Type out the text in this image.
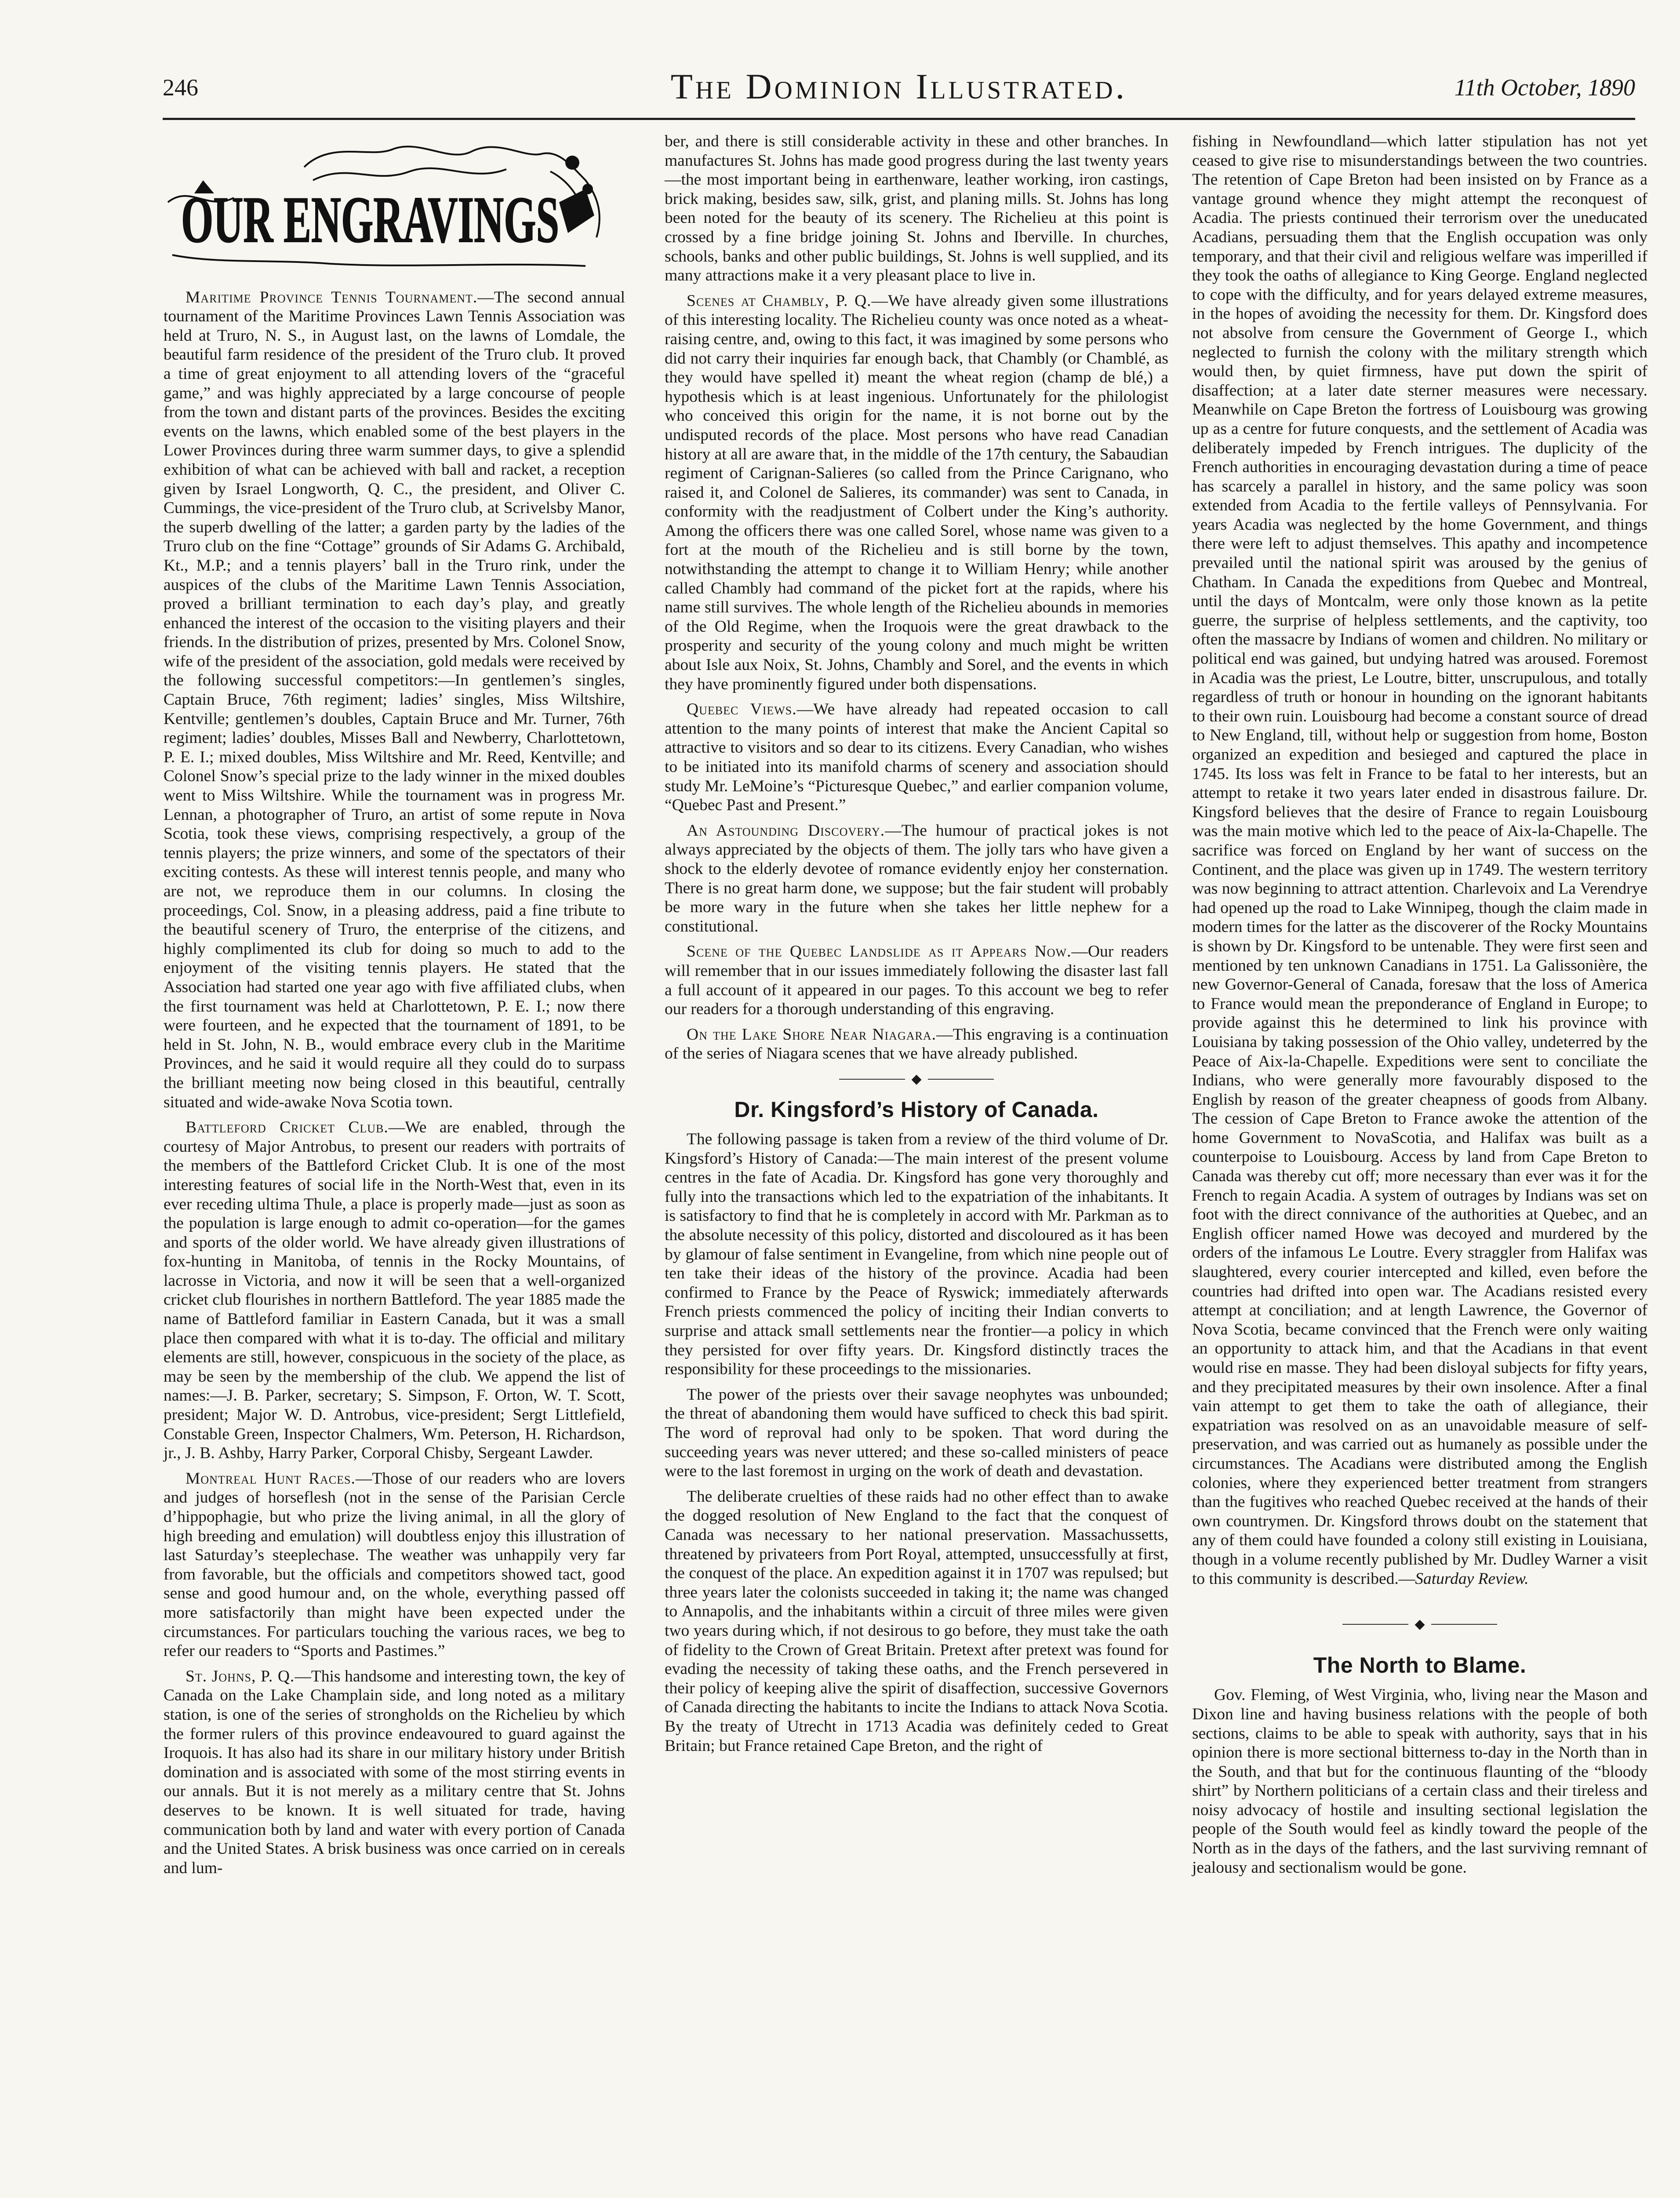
246	The Dominion Illustrated.	11th October, 1890
OUR ENGRAVINGS

Maritime Province Tennis Tournament.—The second annual tournament of the Maritime Provinces Lawn Tennis Association was held at Truro, N. S., in August last, on the lawns of Lomdale, the beautiful farm residence of the president of the Truro club. It proved a time of great enjoyment to all attending lovers of the “graceful game,” and was highly appreciated by a large concourse of people from the town and distant parts of the provinces. Besides the exciting events on the lawns, which enabled some of the best players in the Lower Provinces during three warm summer days, to give a splendid exhibition of what can be achieved with ball and racket, a reception given by Israel Longworth, Q. C., the president, and Oliver C. Cummings, the vice-president of the Truro club, at Scrivelsby Manor, the superb dwelling of the latter; a garden party by the ladies of the Truro club on the fine “Cottage” grounds of Sir Adams G. Archibald, Kt., M.P.; and a tennis players’ ball in the Truro rink, under the auspices of the clubs of the Maritime Lawn Tennis Association, proved a brilliant termination to each day’s play, and greatly enhanced the interest of the occasion to the visiting players and their friends. In the distribution of prizes, presented by Mrs. Colonel Snow, wife of the president of the association, gold medals were received by the following successful competitors:—In gentlemen’s singles, Captain Bruce, 76th regiment; ladies’ singles, Miss Wiltshire, Kentville; gentlemen’s doubles, Captain Bruce and Mr. Turner, 76th regiment; ladies’ doubles, Misses Ball and Newberry, Charlottetown, P. E. I.; mixed doubles, Miss Wiltshire and Mr. Reed, Kentville; and Colonel Snow’s special prize to the lady winner in the mixed doubles went to Miss Wiltshire. While the tournament was in progress Mr. Lennan, a photographer of Truro, an artist of some repute in Nova Scotia, took these views, comprising respectively, a group of the tennis players; the prize winners, and some of the spectators of their exciting contests. As these will interest tennis people, and many who are not, we reproduce them in our columns. In closing the proceedings, Col. Snow, in a pleasing address, paid a fine tribute to the beautiful scenery of Truro, the enterprise of the citizens, and highly complimented its club for doing so much to add to the enjoyment of the visiting tennis players. He stated that the Association had started one year ago with five affiliated clubs, when the first tournament was held at Charlottetown, P. E. I.; now there were fourteen, and he expected that the tournament of 1891, to be held in St. John, N. B., would embrace every club in the Maritime Provinces, and he said it would require all they could do to surpass the brilliant meeting now being closed in this beautiful, centrally situated and wide-awake Nova Scotia town.

Battleford Cricket Club.—We are enabled, through the courtesy of Major Antrobus, to present our readers with portraits of the members of the Battleford Cricket Club. It is one of the most interesting features of social life in the North-West that, even in its ever receding ultima Thule, a place is properly made—just as soon as the population is large enough to admit co-operation—for the games and sports of the older world. We have already given illustrations of fox-hunting in Manitoba, of tennis in the Rocky Mountains, of lacrosse in Victoria, and now it will be seen that a well-organized cricket club flourishes in northern Battleford. The year 1885 made the name of Battleford familiar in Eastern Canada, but it was a small place then compared with what it is to-day. The official and military elements are still, however, conspicuous in the society of the place, as may be seen by the membership of the club. We append the list of names:—J. B. Parker, secretary; S. Simpson, F. Orton, W. T. Scott, president; Major W. D. Antrobus, vice-president; Sergt Littlefield, Constable Green, Inspector Chalmers, Wm. Peterson, H. Richardson, jr., J. B. Ashby, Harry Parker, Corporal Chisby, Sergeant Lawder.

Montreal Hunt Races.—Those of our readers who are lovers and judges of horseflesh (not in the sense of the Parisian Cercle d’hippophagie, but who prize the living animal, in all the glory of high breeding and emulation) will doubtless enjoy this illustration of last Saturday’s steeplechase. The weather was unhappily very far from favorable, but the officials and competitors showed tact, good sense and good humour and, on the whole, everything passed off more satisfactorily than might have been expected under the circumstances. For particulars touching the various races, we beg to refer our readers to “Sports and Pastimes.”

St. Johns, P. Q.—This handsome and interesting town, the key of Canada on the Lake Champlain side, and long noted as a military station, is one of the series of strongholds on the Richelieu by which the former rulers of this province endeavoured to guard against the Iroquois. It has also had its share in our military history under British domination and is associated with some of the most stirring events in our annals. But it is not merely as a military centre that St. Johns deserves to be known. It is well situated for trade, having communication both by land and water with every portion of Canada and the United States. A brisk business was once carried on in cereals and lum-

ber, and there is still considerable activity in these and other branches. In manufactures St. Johns has made good progress during the last twenty years—the most important being in earthenware, leather working, iron castings, brick making, besides saw, silk, grist, and planing mills. St. Johns has long been noted for the beauty of its scenery. The Richelieu at this point is crossed by a fine bridge joining St. Johns and Iberville. In churches, schools, banks and other public buildings, St. Johns is well supplied, and its many attractions make it a very pleasant place to live in.

Scenes at Chambly, P. Q.—We have already given some illustrations of this interesting locality. The Richelieu county was once noted as a wheat-raising centre, and, owing to this fact, it was imagined by some persons who did not carry their inquiries far enough back, that Chambly (or Chamblé, as they would have spelled it) meant the wheat region (champ de blé,) a hypothesis which is at least ingenious. Unfortunately for the philologist who conceived this origin for the name, it is not borne out by the undisputed records of the place. Most persons who have read Canadian history at all are aware that, in the middle of the 17th century, the Sabaudian regiment of Carignan-Salieres (so called from the Prince Carignano, who raised it, and Colonel de Salieres, its commander) was sent to Canada, in conformity with the readjustment of Colbert under the King’s authority. Among the officers there was one called Sorel, whose name was given to a fort at the mouth of the Richelieu and is still borne by the town, notwithstanding the attempt to change it to William Henry; while another called Chambly had command of the picket fort at the rapids, where his name still survives. The whole length of the Richelieu abounds in memories of the Old Regime, when the Iroquois were the great drawback to the prosperity and security of the young colony and much might be written about Isle aux Noix, St. Johns, Chambly and Sorel, and the events in which they have prominently figured under both dispensations.

Quebec Views.—We have already had repeated occasion to call attention to the many points of interest that make the Ancient Capital so attractive to visitors and so dear to its citizens. Every Canadian, who wishes to be initiated into its manifold charms of scenery and association should study Mr. LeMoine’s “Picturesque Quebec,” and earlier companion volume, “Quebec Past and Present.”

An Astounding Discovery.—The humour of practical jokes is not always appreciated by the objects of them. The jolly tars who have given a shock to the elderly devotee of romance evidently enjoy her consternation. There is no great harm done, we suppose; but the fair student will probably be more wary in the future when she takes her little nephew for a constitutional.

Scene of the Quebec Landslide as it Appears Now.—Our readers will remember that in our issues immediately following the disaster last fall a full account of it appeared in our pages. To this account we beg to refer our readers for a thorough understanding of this engraving.

On the Lake Shore Near Niagara.—This engraving is a continuation of the series of Niagara scenes that we have already published.

◆
Dr. Kingsford’s History of Canada.

The following passage is taken from a review of the third volume of Dr. Kingsford’s History of Canada:—The main interest of the present volume centres in the fate of Acadia. Dr. Kingsford has gone very thoroughly and fully into the transactions which led to the expatriation of the inhabitants. It is satisfactory to find that he is completely in accord with Mr. Parkman as to the absolute necessity of this policy, distorted and discoloured as it has been by glamour of false sentiment in Evangeline, from which nine people out of ten take their ideas of the history of the province. Acadia had been confirmed to France by the Peace of Ryswick; immediately afterwards French priests commenced the policy of inciting their Indian converts to surprise and attack small settlements near the frontier—a policy in which they persisted for over fifty years. Dr. Kingsford distinctly traces the responsibility for these proceedings to the missionaries.

The power of the priests over their savage neophytes was unbounded; the threat of abandoning them would have sufficed to check this bad spirit. The word of reproval had only to be spoken. That word during the succeeding years was never uttered; and these so-called ministers of peace were to the last foremost in urging on the work of death and devastation.

The deliberate cruelties of these raids had no other effect than to awake the dogged resolution of New England to the fact that the conquest of Canada was necessary to her national preservation. Massachussetts, threatened by privateers from Port Royal, attempted, unsuccessfully at first, the conquest of the place. An expedition against it in 1707 was repulsed; but three years later the colonists succeeded in taking it; the name was changed to Annapolis, and the inhabitants within a circuit of three miles were given two years during which, if not desirous to go before, they must take the oath of fidelity to the Crown of Great Britain. Pretext after pretext was found for evading the necessity of taking these oaths, and the French persevered in their policy of keeping alive the spirit of disaffection, successive Governors of Canada directing the habitants to incite the Indians to attack Nova Scotia. By the treaty of Utrecht in 1713 Acadia was definitely ceded to Great Britain; but France retained Cape Breton, and the right of

fishing in Newfoundland—which latter stipulation has not yet ceased to give rise to misunderstandings between the two countries. The retention of Cape Breton had been insisted on by France as a vantage ground whence they might attempt the reconquest of Acadia. The priests continued their terrorism over the uneducated Acadians, persuading them that the English occupation was only temporary, and that their civil and religious welfare was imperilled if they took the oaths of allegiance to King George. England neglected to cope with the difficulty, and for years delayed extreme measures, in the hopes of avoiding the necessity for them. Dr. Kingsford does not absolve from censure the Government of George I., which neglected to furnish the colony with the military strength which would then, by quiet firmness, have put down the spirit of disaffection; at a later date sterner measures were necessary. Meanwhile on Cape Breton the fortress of Louisbourg was growing up as a centre for future conquests, and the settlement of Acadia was deliberately impeded by French intrigues. The duplicity of the French authorities in encouraging devastation during a time of peace has scarcely a parallel in history, and the same policy was soon extended from Acadia to the fertile valleys of Pennsylvania. For years Acadia was neglected by the home Government, and things there were left to adjust themselves. This apathy and incompetence prevailed until the national spirit was aroused by the genius of Chatham. In Canada the expeditions from Quebec and Montreal, until the days of Montcalm, were only those known as la petite guerre, the surprise of helpless settlements, and the captivity, too often the massacre by Indians of women and children. No military or political end was gained, but undying hatred was aroused. Foremost in Acadia was the priest, Le Loutre, bitter, unscrupulous, and totally regardless of truth or honour in hounding on the ignorant habitants to their own ruin. Louisbourg had become a constant source of dread to New England, till, without help or suggestion from home, Boston organized an expedition and besieged and captured the place in 1745. Its loss was felt in France to be fatal to her interests, but an attempt to retake it two years later ended in disastrous failure. Dr. Kingsford believes that the desire of France to regain Louisbourg was the main motive which led to the peace of Aix-la-Chapelle. The sacrifice was forced on England by her want of success on the Continent, and the place was given up in 1749. The western territory was now beginning to attract attention. Charlevoix and La Verendrye had opened up the road to Lake Winnipeg, though the claim made in modern times for the latter as the discoverer of the Rocky Mountains is shown by Dr. Kingsford to be untenable. They were first seen and mentioned by ten unknown Canadians in 1751. La Galissonière, the new Governor-General of Canada, foresaw that the loss of America to France would mean the preponderance of England in Europe; to provide against this he determined to link his province with Louisiana by taking possession of the Ohio valley, undeterred by the Peace of Aix-la-Chapelle. Expeditions were sent to conciliate the Indians, who were generally more favourably disposed to the English by reason of the greater cheapness of goods from Albany. The cession of Cape Breton to France awoke the attention of the home Government to NovaScotia, and Halifax was built as a counterpoise to Louisbourg. Access by land from Cape Breton to Canada was thereby cut off; more necessary than ever was it for the French to regain Acadia. A system of outrages by Indians was set on foot with the direct connivance of the authorities at Quebec, and an English officer named Howe was decoyed and murdered by the orders of the infamous Le Loutre. Every straggler from Halifax was slaughtered, every courier intercepted and killed, even before the countries had drifted into open war. The Acadians resisted every attempt at conciliation; and at length Lawrence, the Governor of Nova Scotia, became convinced that the French were only waiting an opportunity to attack him, and that the Acadians in that event would rise en masse. They had been disloyal subjects for fifty years, and they precipitated measures by their own insolence. After a final vain attempt to get them to take the oath of allegiance, their expatriation was resolved on as an unavoidable measure of self-preservation, and was carried out as humanely as possible under the circumstances. The Acadians were distributed among the English colonies, where they experienced better treatment from strangers than the fugitives who reached Quebec received at the hands of their own countrymen. Dr. Kingsford throws doubt on the statement that any of them could have founded a colony still existing in Louisiana, though in a volume recently published by Mr. Dudley Warner a visit to this community is described.—Saturday Review.

◆
The North to Blame.

Gov. Fleming, of West Virginia, who, living near the Mason and Dixon line and having business relations with the people of both sections, claims to be able to speak with authority, says that in his opinion there is more sectional bitterness to-day in the North than in the South, and that but for the continuous flaunting of the “bloody shirt” by Northern politicians of a certain class and their tireless and noisy advocacy of hostile and insulting sectional legislation the people of the South would feel as kindly toward the people of the North as in the days of the fathers, and the last surviving remnant of jealousy and sectionalism would be gone.
